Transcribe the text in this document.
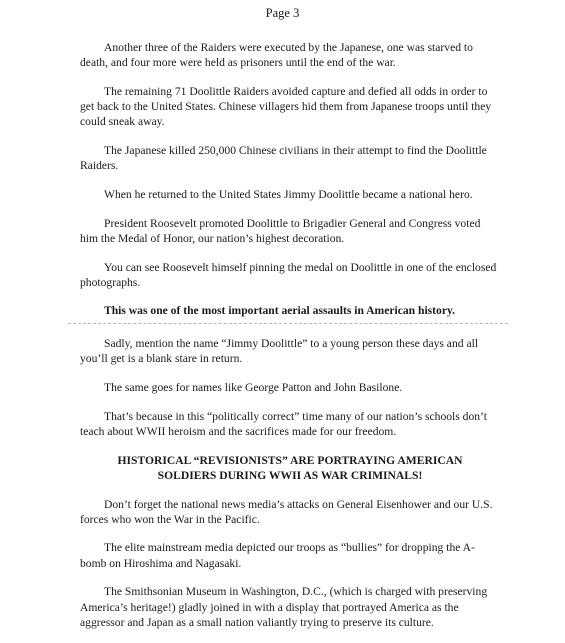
Page 3

Another three of the Raiders were executed by the Japanese, one was starved to death, and four more were held as prisoners until the end of the war.

The remaining 71 Doolittle Raiders avoided capture and defied all odds in order to get back to the United States. Chinese villagers hid them from Japanese troops until they could sneak away.

The Japanese killed 250,000 Chinese civilians in their attempt to find the Doolittle Raiders.

When he returned to the United States Jimmy Doolittle became a national hero.

President Roosevelt promoted Doolittle to Brigadier General and Congress voted him the Medal of Honor, our nation’s highest decoration.

You can see Roosevelt himself pinning the medal on Doolittle in one of the enclosed photographs.

This was one of the most important aerial assaults in American history.

Sadly, mention the name “Jimmy Doolittle” to a young person these days and all you’ll get is a blank stare in return.

The same goes for names like George Patton and John Basilone.

That’s because in this “politically correct” time many of our nation’s schools don’t teach about WWII heroism and the sacrifices made for our freedom.

HISTORICAL “REVISIONISTS” ARE PORTRAYING AMERICAN
SOLDIERS DURING WWII AS WAR CRIMINALS!

Don’t forget the national news media’s attacks on General Eisenhower and our U.S. forces who won the War in the Pacific.

The elite mainstream media depicted our troops as “bullies” for dropping the A-bomb on Hiroshima and Nagasaki.

The Smithsonian Museum in Washington, D.C., (which is charged with preserving America’s heritage!) gladly joined in with a display that portrayed America as the aggressor and Japan as a small nation valiantly trying to preserve its culture.
